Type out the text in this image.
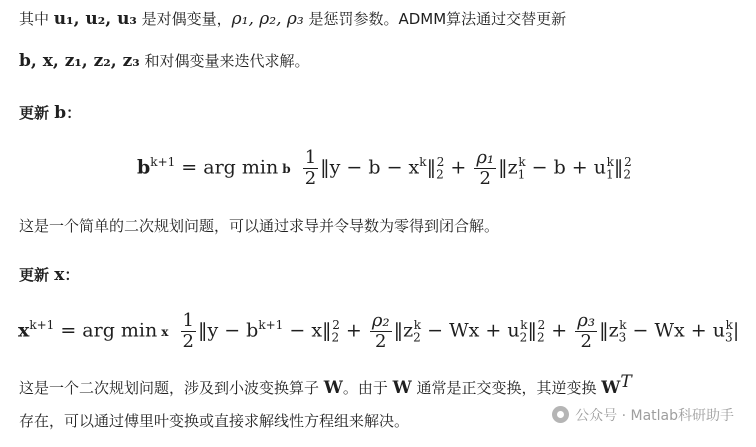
其中 u₁, u₂, u₃ 是对偶变量，ρ₁, ρ₂, ρ₃ 是惩罚参数。ADMM算法通过交替更新
b, x, z₁, z₂, z₃ 和对偶变量来迭代求解。
更新 b：
$b^{k+1}$ = arg min b
$\frac{1}{2}$ ‖y − $b - x^k‖_2^2 + \frac{\text{ρ₁}}{2}$ $‖z_1^k - b$ + $u_1^k‖_2^2$
这是一个简单的二次规划问题，可以通过求导并令导数为零得到闭合解。
更新 x：
$x^{k+1}$ = arg min x
$\frac{1}{2}$ ‖y − $b^{k+1}$ − $x‖_2^2 + \frac{\text{ρ₂}}{2}$ $‖z_2^k - Wx$ + $u_2^k‖_2^2 + \frac{\text{ρ₃}}{2}$ $‖z_3^k - Wx + u_3^k|$
这是一个二次规划问题，涉及到小波变换算子 W。由于 W 通常是正交变换，其逆变换 $W^T$
存在，可以通过傅里叶变换或直接求解线性方程组来解决。	公众号 · Matlab科研助手
